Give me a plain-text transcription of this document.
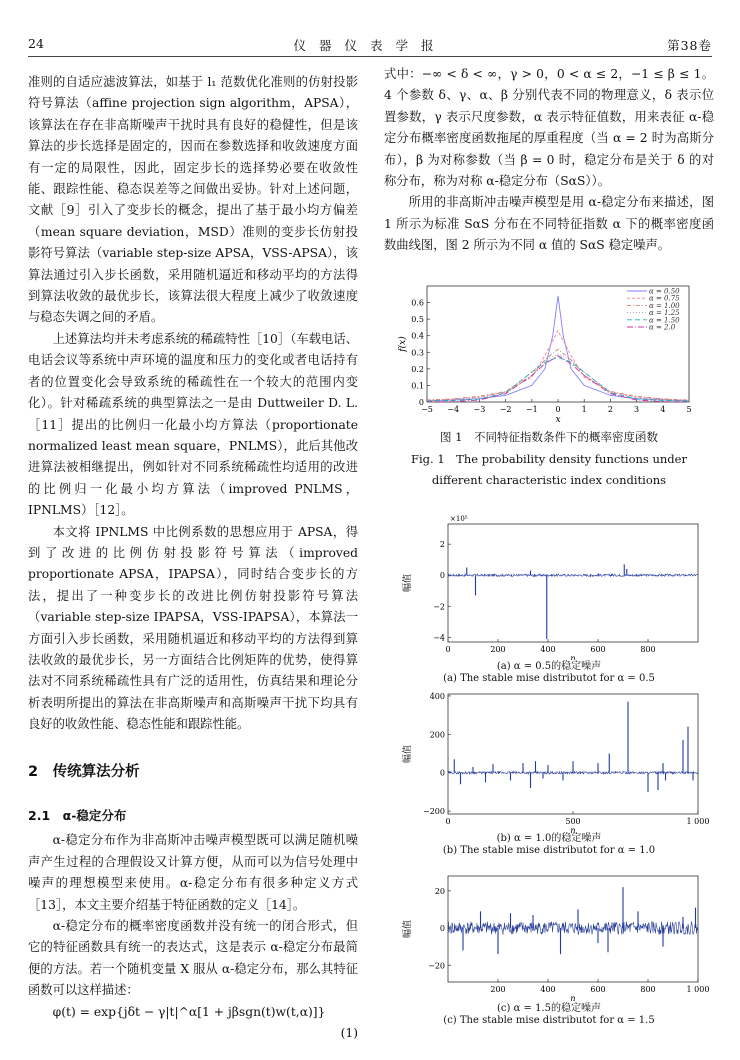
24	仪器仪表学报	第38卷

准则的自适应滤波算法，如基于 l₁ 范数优化准则的仿射投影符号算法（affine projection sign algorithm，APSA），该算法在存在非高斯噪声干扰时具有良好的稳健性，但是该算法的步长选择是固定的，因而在参数选择和收敛速度方面有一定的局限性，因此，固定步长的选择势必要在收敛性能、跟踪性能、稳态误差等之间做出妥协。针对上述问题，文献［9］引入了变步长的概念，提出了基于最小均方偏差（mean square deviation，MSD）准则的变步长仿射投影符号算法（variable step-size APSA，VSS-APSA），该算法通过引入步长函数，采用随机逼近和移动平均的方法得到算法收敛的最优步长，该算法很大程度上减少了收敛速度与稳态失调之间的矛盾。

上述算法均并未考虑系统的稀疏特性［10］（车载电话、电话会议等系统中声环境的温度和压力的变化或者电话持有者的位置变化会导致系统的稀疏性在一个较大的范围内变化）。针对稀疏系统的典型算法之一是由 Duttweiler D. L.［11］提出的比例归一化最小均方算法（proportionate normalized least mean square，PNLMS），此后其他改进算法被相继提出，例如针对不同系统稀疏性均适用的改进的比例归一化最小均方算法（improved PNLMS，IPNLMS）［12］。

本文将 IPNLMS 中比例系数的思想应用于 APSA，得到了改进的比例仿射投影符号算法（improved proportionate APSA，IPAPSA），同时结合变步长的方法，提出了一种变步长的改进比例仿射投影符号算法（variable step-size IPAPSA，VSS-IPAPSA），本算法一方面引入步长函数，采用随机逼近和移动平均的方法得到算法收敛的最优步长，另一方面结合比例矩阵的优势，使得算法对不同系统稀疏性具有广泛的适用性，仿真结果和理论分析表明所提出的算法在非高斯噪声和高斯噪声干扰下均具有良好的收敛性能、稳态性能和跟踪性能。

2　传统算法分析
2.1　α-稳定分布

α-稳定分布作为非高斯冲击噪声模型既可以满足随机噪声产生过程的合理假设又计算方便，从而可以为信号处理中噪声的理想模型来使用。α-稳定分布有很多种定义方式［13］，本文主要介绍基于特征函数的定义［14］。

α-稳定分布的概率密度函数并没有统一的闭合形式，但它的特征函数具有统一的表达式，这是表示 α-稳定分布最简便的方法。若一个随机变量 X 服从 α-稳定分布，那么其特征函数可以这样描述：

φ(t) = exp{jδt − γ|t|^α[1 + jβsgn(t)w(t,α)]}
(1)

式中：−∞ < δ < ∞，γ > 0，0 < α ≤ 2，−1 ≤ β ≤ 1。4 个参数 δ、γ、α、β 分别代表不同的物理意义，δ 表示位置参数，γ 表示尺度参数，α 表示特征值数，用来表征 α-稳定分布概率密度函数拖尾的厚重程度（当 α = 2 时为高斯分布），β 为对称参数（当 β = 0 时，稳定分布是关于 δ 的对称分布，称为对称 α-稳定分布（SαS））。

所用的非高斯冲击噪声模型是用 α-稳定分布来描述，图 1 所示为标准 SαS 分布在不同特征指数 α 下的概率密度函数曲线图，图 2 所示为不同 α 值的 SαS 稳定噪声。

−5 −4 −3 −2 −1 0	1	2	3	4	5
0
0.1
0.2
0.3
0.4
0.5
0.6
x
f(x)
α = 0.50
α = 0.75
α = 1.00
α = 1.25
α = 1.50
α = 2.0
图 1　不同特征指数条件下的概率密度函数
Fig. 1　The probability density functions under different characteristic index conditions
0	200	400	600	800
−4
−2
0
2
n
幅值
×10⁵
(a) α = 0.5的稳定噪声
(a) The stable mise distributot for α = 0.5
0	500	1 000
−200
0
200
400
n
幅值
(b) α = 1.0的稳定噪声
(b) The stable mise distributot for α = 1.0
200	400	600	800	1 000
−20
0
20
n
幅值
(c) α = 1.5的稳定噪声
(c) The stable mise distributot for α = 1.5
